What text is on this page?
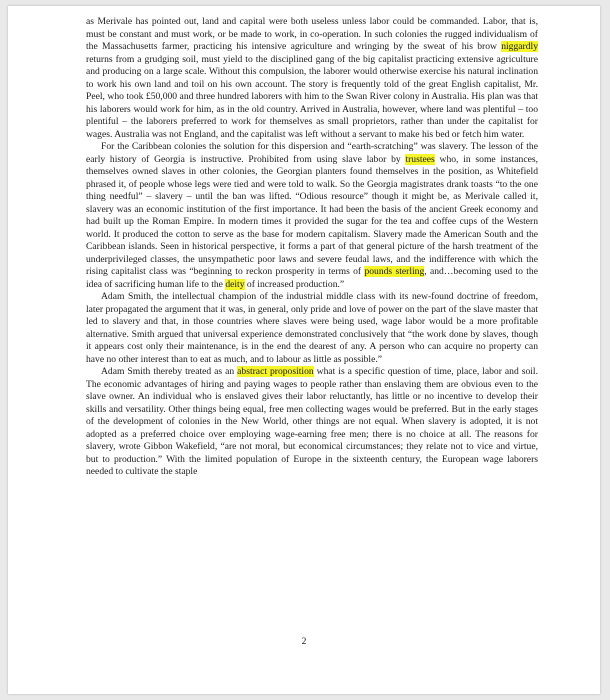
as Merivale has pointed out, land and capital were both useless unless labor could be commanded. Labor, that is, must be constant and must work, or be made to work, in co-operation. In such colonies the rugged individualism of the Massachusetts farmer, practicing his intensive agriculture and wringing by the sweat of his brow niggardly returns from a grudging soil, must yield to the disciplined gang of the big capitalist practicing extensive agriculture and producing on a large scale. Without this compulsion, the laborer would otherwise exercise his natural inclination to work his own land and toil on his own account. The story is frequently told of the great English capitalist, Mr. Peel, who took £50,000 and three hundred laborers with him to the Swan River colony in Australia. His plan was that his laborers would work for him, as in the old country. Arrived in Australia, however, where land was plentiful – too plentiful – the laborers preferred to work for themselves as small proprietors, rather than under the capitalist for wages. Australia was not England, and the capitalist was left without a servant to make his bed or fetch him water.

For the Caribbean colonies the solution for this dispersion and “earth-scratching” was slavery. The lesson of the early history of Georgia is instructive. Prohibited from using slave labor by trustees who, in some instances, themselves owned slaves in other colonies, the Georgian planters found themselves in the position, as Whitefield phrased it, of people whose legs were tied and were told to walk. So the Georgia magistrates drank toasts “to the one thing needful” – slavery – until the ban was lifted. “Odious resource” though it might be, as Merivale called it, slavery was an economic institution of the first importance. It had been the basis of the ancient Greek economy and had built up the Roman Empire. In modern times it provided the sugar for the tea and coffee cups of the Western world. It produced the cotton to serve as the base for modern capitalism. Slavery made the American South and the Caribbean islands. Seen in historical perspective, it forms a part of that general picture of the harsh treatment of the underprivileged classes, the unsympathetic poor laws and severe feudal laws, and the indifference with which the rising capitalist class was “beginning to reckon prosperity in terms of pounds sterling, and…becoming used to the idea of sacrificing human life to the deity of increased production.”

Adam Smith, the intellectual champion of the industrial middle class with its new-found doctrine of freedom, later propagated the argument that it was, in general, only pride and love of power on the part of the slave master that led to slavery and that, in those countries where slaves were being used, wage labor would be a more profitable alternative. Smith argued that universal experience demonstrated conclusively that “the work done by slaves, though it appears cost only their maintenance, is in the end the dearest of any. A person who can acquire no property can have no other interest than to eat as much, and to labour as little as possible.”

Adam Smith thereby treated as an abstract proposition what is a specific question of time, place, labor and soil. The economic advantages of hiring and paying wages to people rather than enslaving them are obvious even to the slave owner. An individual who is enslaved gives their labor reluctantly, has little or no incentive to develop their skills and versatility. Other things being equal, free men collecting wages would be preferred. But in the early stages of the development of colonies in the New World, other things are not equal. When slavery is adopted, it is not adopted as a preferred choice over employing wage-earning free men; there is no choice at all. The reasons for slavery, wrote Gibbon Wakefield, “are not moral, but economical circumstances; they relate not to vice and virtue, but to production.” With the limited population of Europe in the sixteenth century, the European wage laborers needed to cultivate the staple

2
